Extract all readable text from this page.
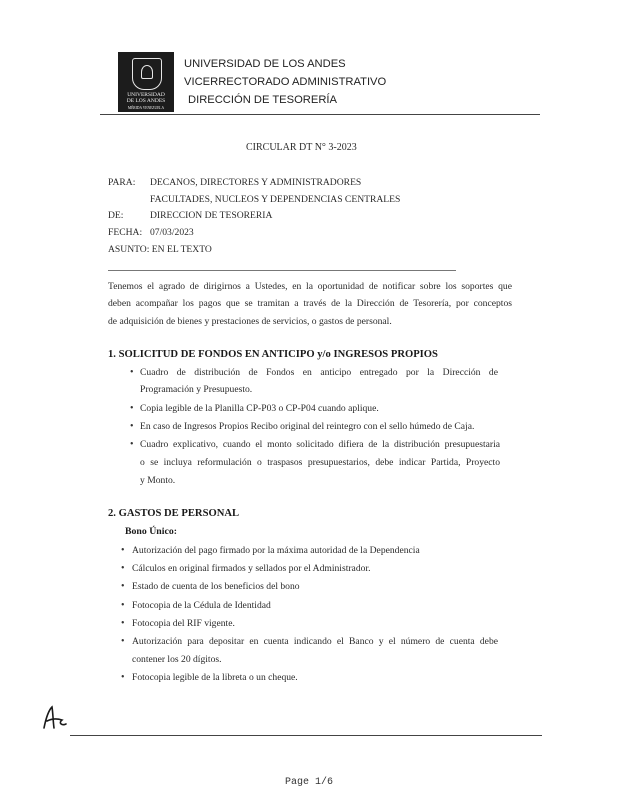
UNIVERSIDAD
DE LOS ANDES
MÉRIDA VENEZUELA
UNIVERSIDAD DE LOS ANDES
VICERRECTORADO ADMINISTRATIVO
DIRECCIÓN DE TESORERÍA
CIRCULAR DT N° 3-2023
PARA: DECANOS, DIRECTORES Y ADMINISTRADORES
FACULTADES, NUCLEOS Y DEPENDENCIAS CENTRALES
DE:	DIRECCION DE TESORERIA
FECHA: 07/03/2023
ASUNTO: EN EL TEXTO
Tenemos el agrado de dirigirnos a Ustedes, en la oportunidad de notificar sobre los soportes que
deben acompañar los pagos que se tramitan a través de la Dirección de Tesorería, por conceptos
de adquisición de bienes y prestaciones de servicios, o gastos de personal.
1. SOLICITUD DE FONDOS EN ANTICIPO y/o INGRESOS PROPIOS
• Cuadro de distribución de Fondos en anticipo entregado por la Dirección de
Programación y Presupuesto.
• Copia legible de la Planilla CP-P03 o CP-P04 cuando aplique.
• En caso de Ingresos Propios Recibo original del reintegro con el sello húmedo de Caja.
• Cuadro explicativo, cuando el monto solicitado difiera de la distribución presupuestaria
o se incluya reformulación o traspasos presupuestarios, debe indicar Partida, Proyecto
y Monto.
2. GASTOS DE PERSONAL
Bono Único:
• Autorización del pago firmado por la máxima autoridad de la Dependencia
• Cálculos en original firmados y sellados por el Administrador.
• Estado de cuenta de los beneficios del bono
• Fotocopia de la Cédula de Identidad
• Fotocopia del RIF vigente.
• Autorización para depositar en cuenta indicando el Banco y el número de cuenta debe
contener los 20 dígitos.
• Fotocopia legible de la libreta o un cheque.
Page 1/6
